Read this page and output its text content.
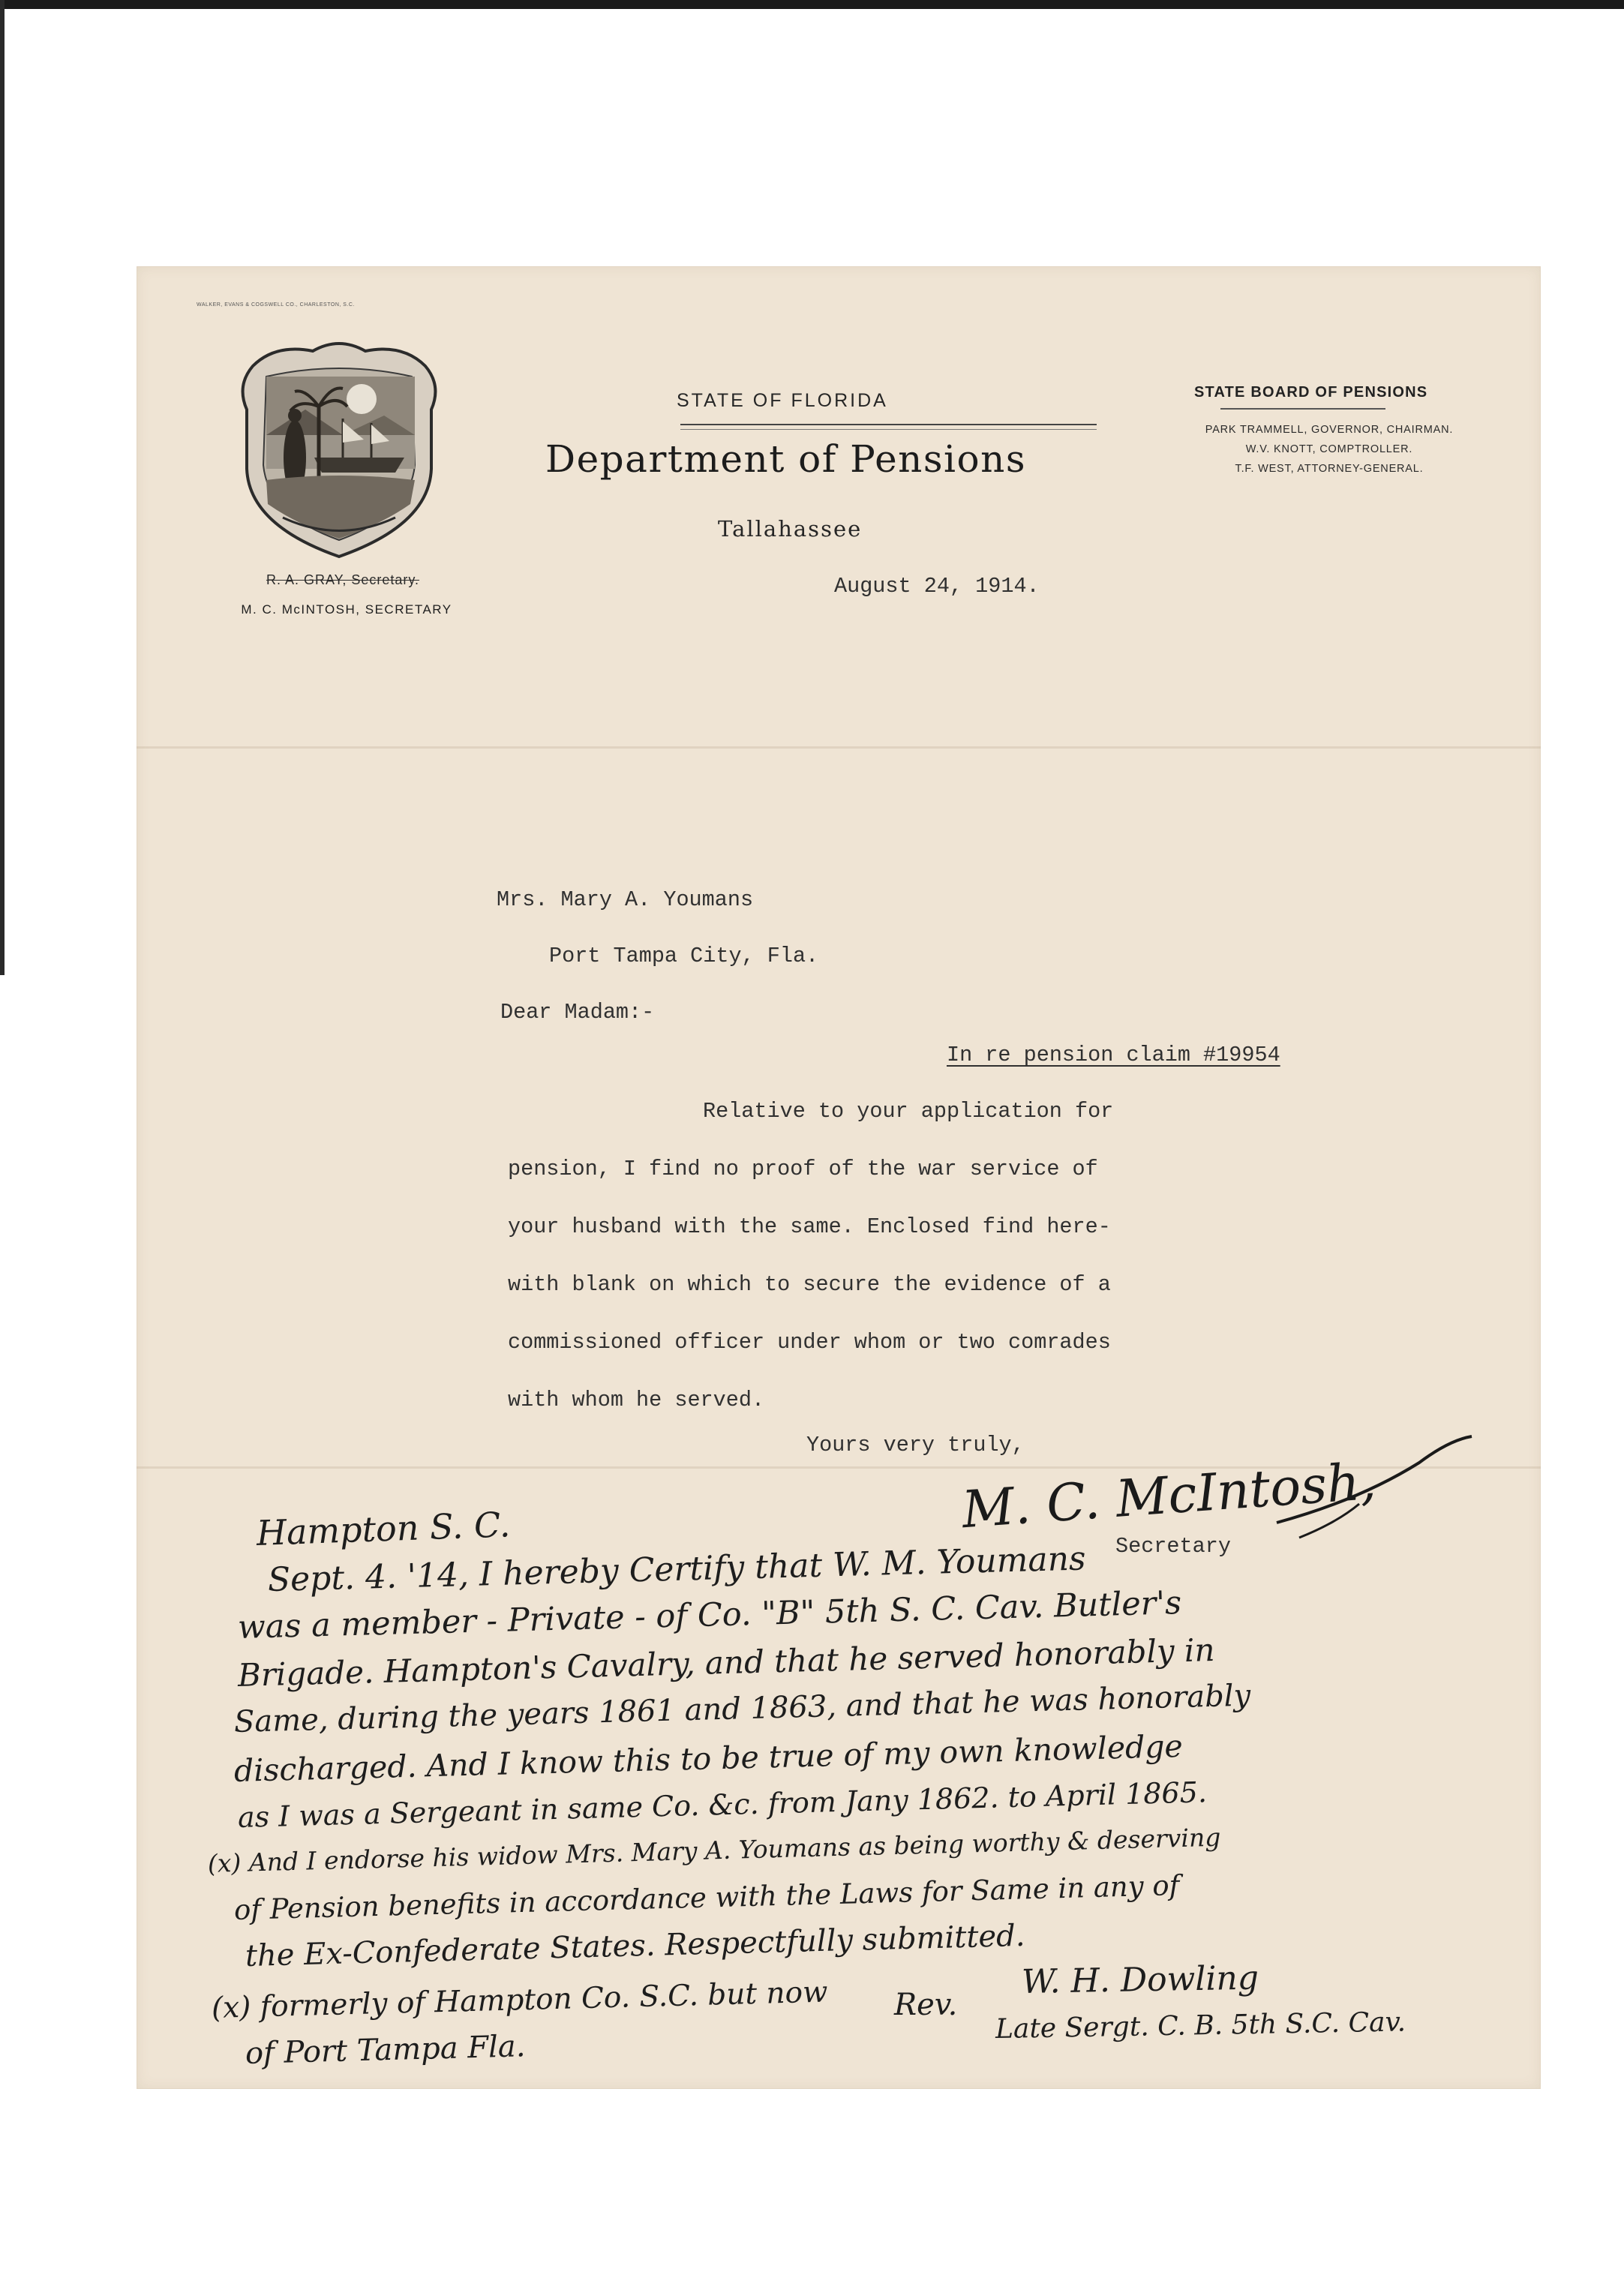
WALKER, EVANS & COGSWELL CO., CHARLESTON, S.C.
R. A. GRAY, Secretary.
M. C. McINTOSH, SECRETARY
STATE OF FLORIDA
Department of Pensions
Tallahassee
STATE BOARD OF PENSIONS
PARK TRAMMELL, GOVERNOR, CHAIRMAN.
W.V. KNOTT, COMPTROLLER.
T.F. WEST, ATTORNEY-GENERAL.
August 24, 1914.
Mrs. Mary A. Youmans
Port Tampa City, Fla.
Dear Madam:-
In re pension claim #19954
Relative to your application for
pension, I find no proof of the war service of
your husband with the same. Enclosed find here-
with blank on which to secure the evidence of a
commissioned officer under whom or two comrades
with whom he served.
Yours very truly,
M. C. McIntosh,
Secretary
Hampton S. C.
Sept. 4. '14, I hereby Certify that W. M. Youmans
was a member - Private - of Co. "B" 5th S. C. Cav. Butler's
Brigade. Hampton's Cavalry, and that he served honorably in
Same, during the years 1861 and 1863, and that he was honorably
discharged. And I know this to be true of my own knowledge
as I was a Sergeant in same Co. &c. from Jany 1862. to April 1865.
(x) And I endorse his widow Mrs. Mary A. Youmans as being worthy & deserving
of Pension benefits in accordance with the Laws for Same in any of
the Ex-Confederate States. Respectfully submitted.
(x) formerly of Hampton Co. S.C. but now
of Port Tampa Fla.
Rev.
W. H. Dowling
Late Sergt. C. B. 5th S.C. Cav.
